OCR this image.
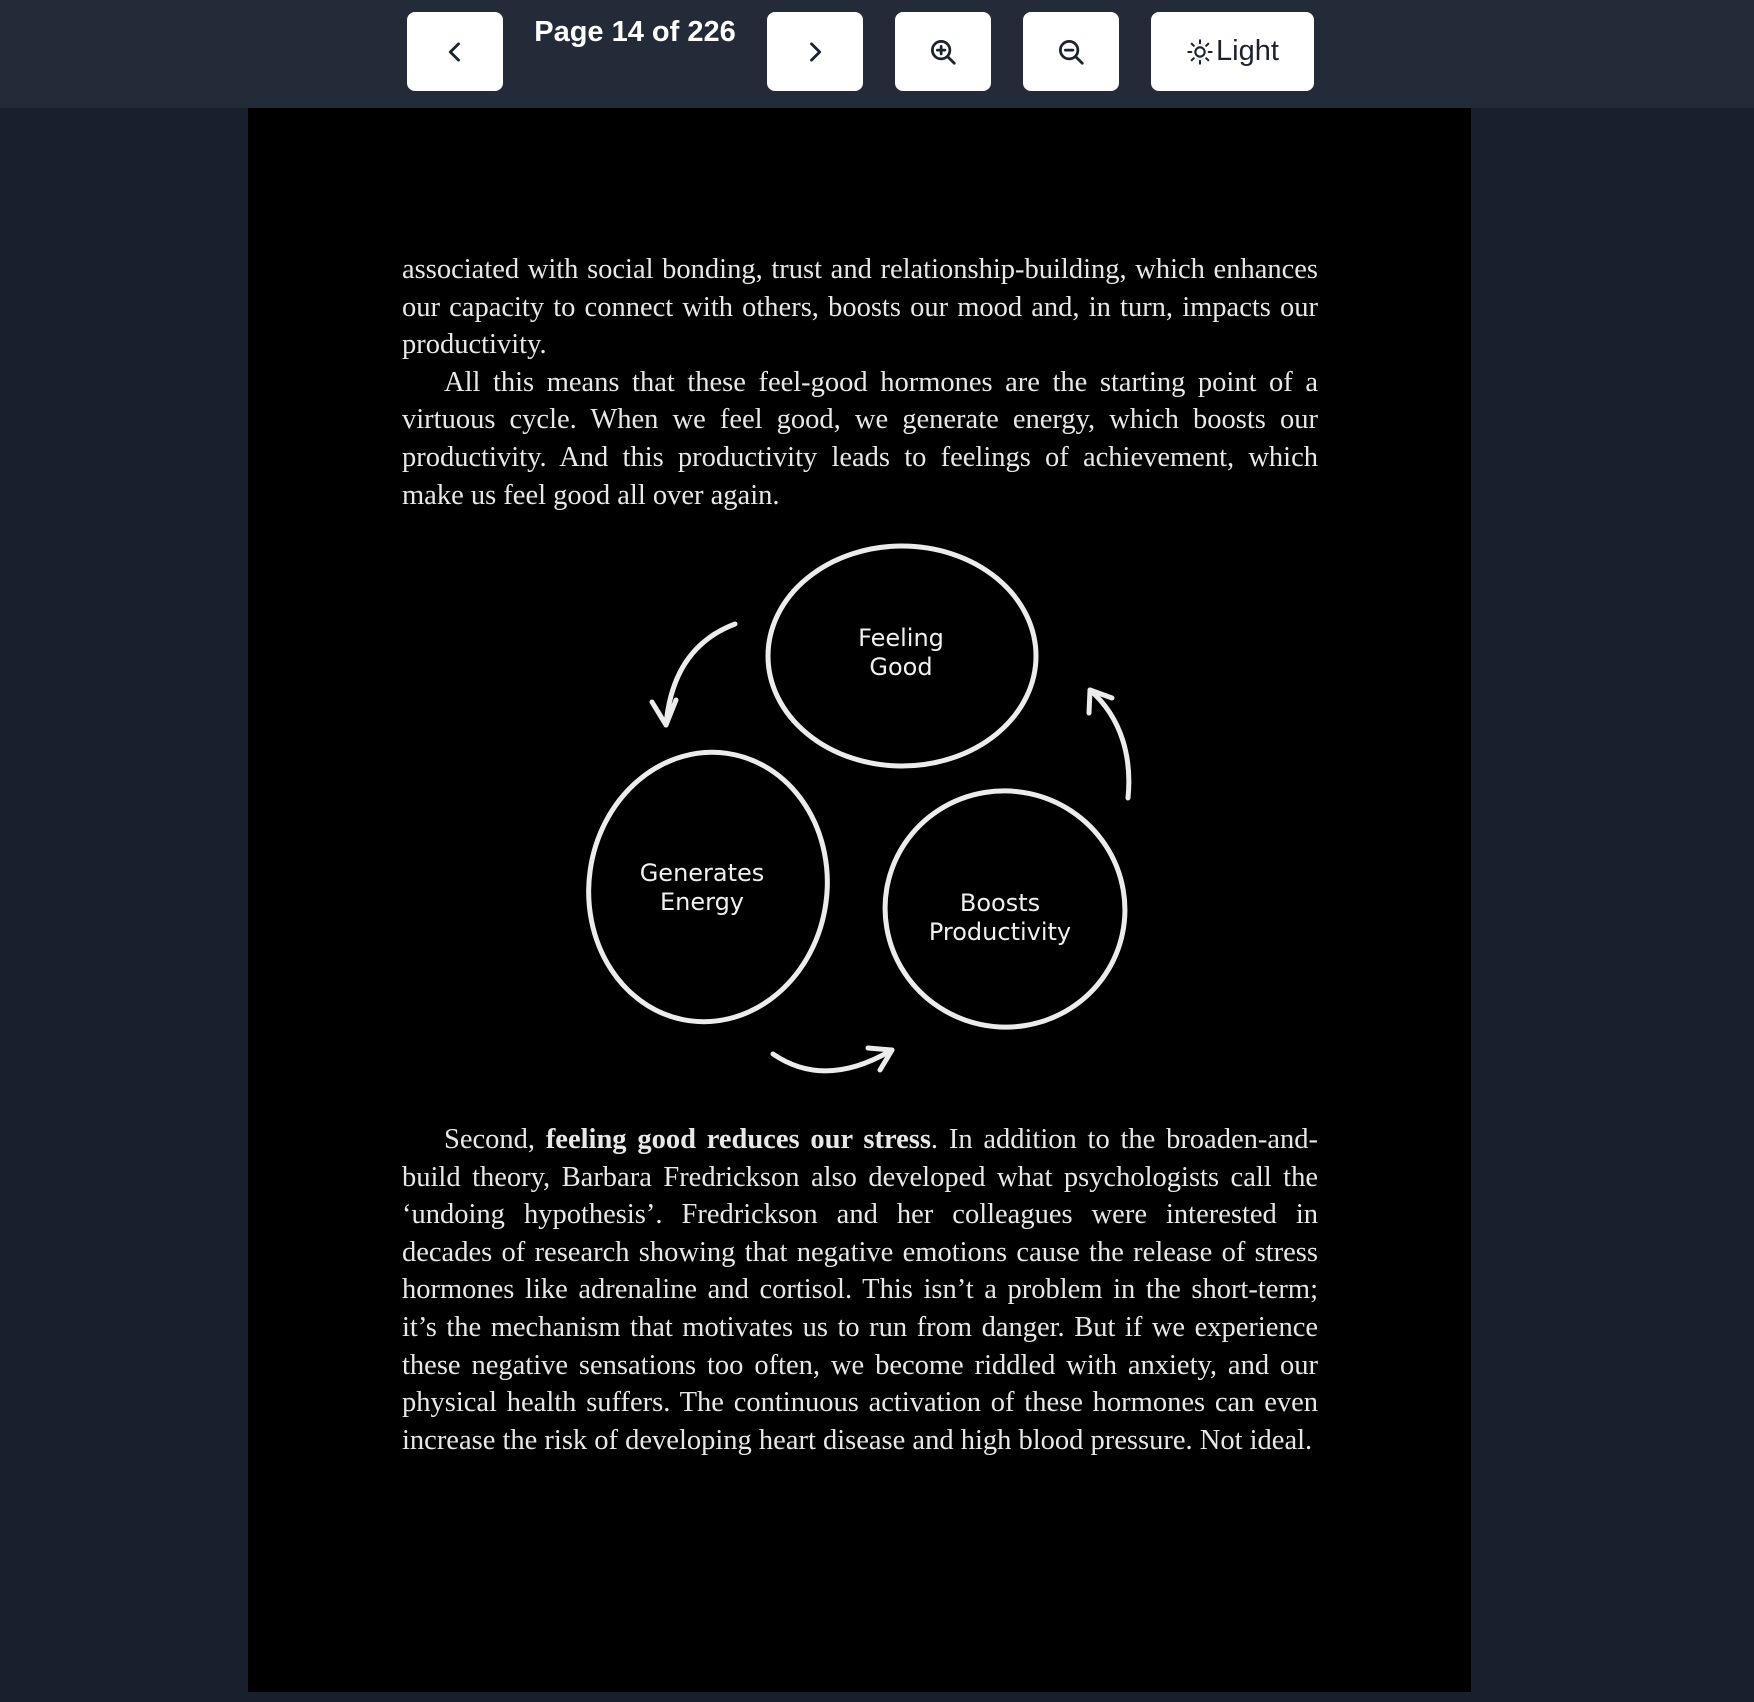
Page 14 of 226
Light

associated with social bonding, trust and relationship-building, which enhances our capacity to connect with others, boosts our mood and, in turn, impacts our productivity.

All this means that these feel-good hormones are the starting point of a virtuous cycle. When we feel good, we generate energy, which boosts our productivity. And this productivity leads to feelings of achievement, which make us feel good all over again.

Feeling
Good
Generates
Energy	Boosts
Productivity

Second, feeling good reduces our stress. In addition to the broaden-and-build theory, Barbara Fredrickson also developed what psychologists call the ‘undoing hypothesis’. Fredrickson and her colleagues were interested in decades of research showing that negative emotions cause the release of stress hormones like adrenaline and cortisol. This isn’t a problem in the short-term; it’s the mechanism that motivates us to run from danger. But if we experience these negative sensations too often, we become riddled with anxiety, and our physical health suffers. The continuous activation of these hormones can even increase the risk of developing heart disease and high blood pressure. Not ideal.
